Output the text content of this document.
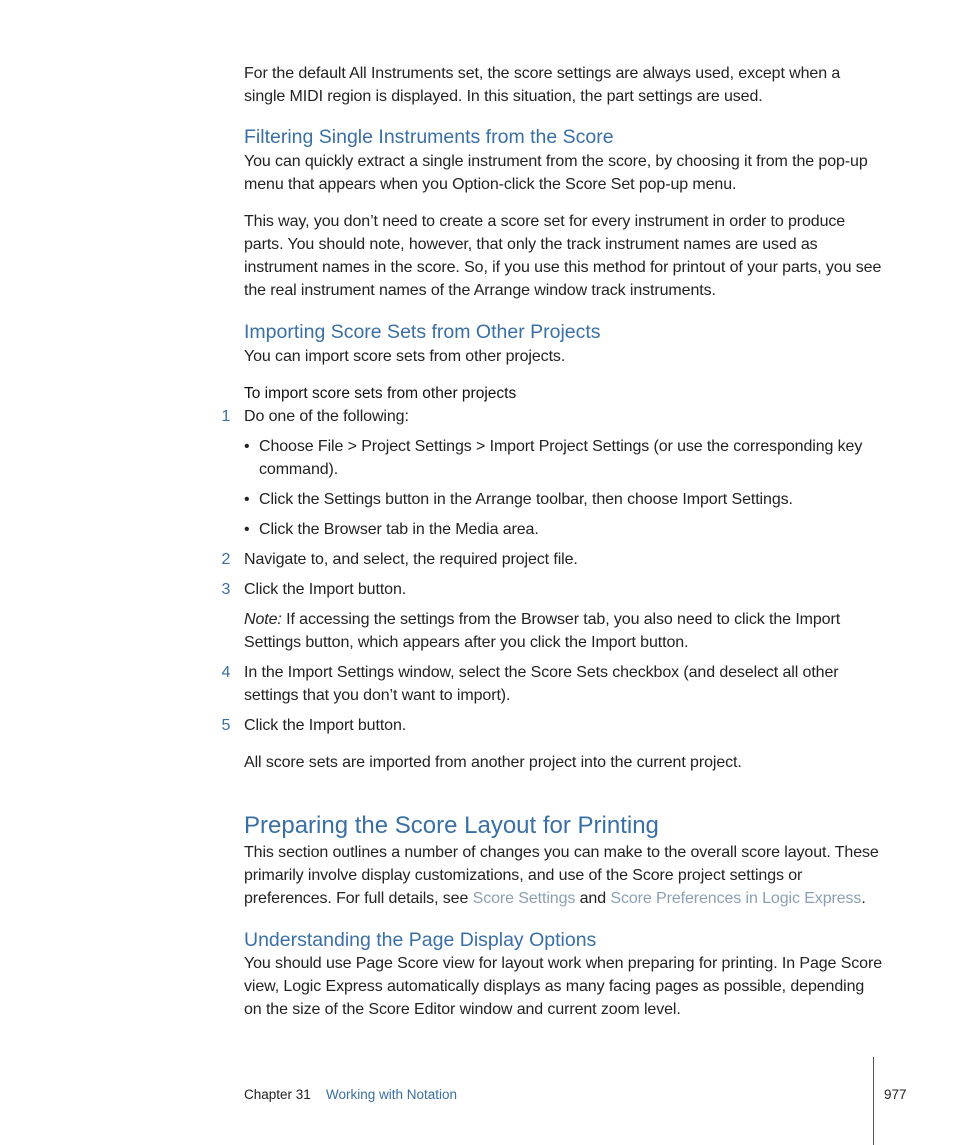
For the default All Instruments set, the score settings are always used, except when a single MIDI region is displayed. In this situation, the part settings are used.
Filtering Single Instruments from the Score
You can quickly extract a single instrument from the score, by choosing it from the pop-up menu that appears when you Option-click the Score Set pop-up menu.
This way, you don’t need to create a score set for every instrument in order to produce parts. You should note, however, that only the track instrument names are used as instrument names in the score. So, if you use this method for printout of your parts, you see the real instrument names of the Arrange window track instruments.
Importing Score Sets from Other Projects
You can import score sets from other projects.
To import score sets from other projects
1 Do one of the following:
• Choose File > Project Settings > Import Project Settings (or use the corresponding key command).
• Click the Settings button in the Arrange toolbar, then choose Import Settings.
• Click the Browser tab in the Media area.
2 Navigate to, and select, the required project file.
3 Click the Import button.
Note: If accessing the settings from the Browser tab, you also need to click the Import Settings button, which appears after you click the Import button.
4 In the Import Settings window, select the Score Sets checkbox (and deselect all other settings that you don’t want to import).
5 Click the Import button.
All score sets are imported from another project into the current project.
Preparing the Score Layout for Printing
This section outlines a number of changes you can make to the overall score layout. These primarily involve display customizations, and use of the Score project settings or preferences. For full details, see Score Settings and Score Preferences in Logic Express.
Understanding the Page Display Options
You should use Page Score view for layout work when preparing for printing. In Page Score view, Logic Express automatically displays as many facing pages as possible, depending on the size of the Score Editor window and current zoom level.
Chapter 31 Working with Notation	977
